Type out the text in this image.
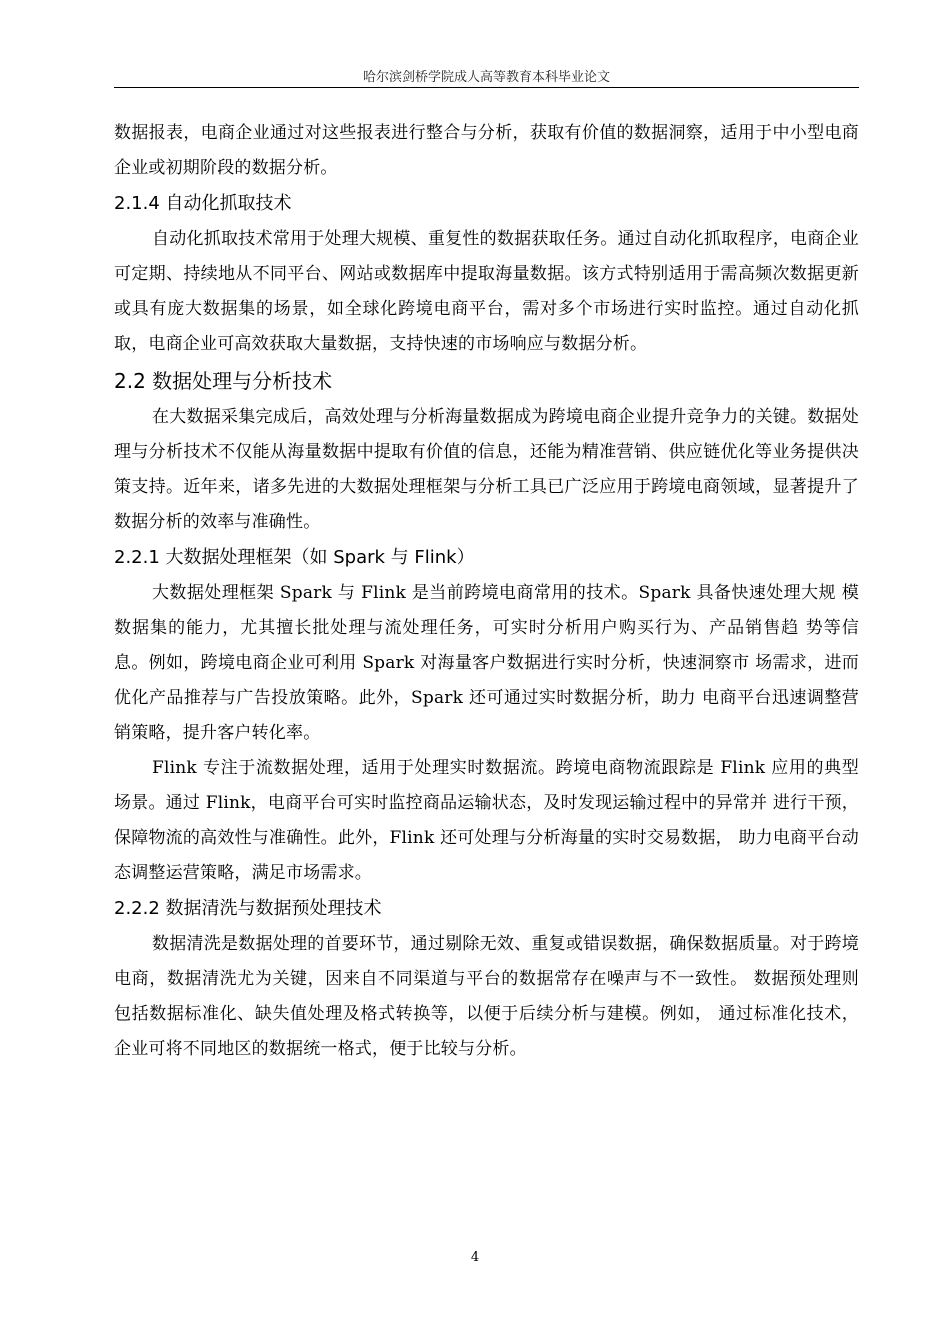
哈尔滨剑桥学院成人高等教育本科毕业论文

数据报表，电商企业通过对这些报表进行整合与分析，获取有价值的数据洞察，适用于中小型电商企业或初期阶段的数据分析。

2.1.4 自动化抓取技术

自动化抓取技术常用于处理大规模、重复性的数据获取任务。通过自动化抓取程序，电商企业可定期、持续地从不同平台、网站或数据库中提取海量数据。该方式特别适用于需高频次数据更新或具有庞大数据集的场景，如全球化跨境电商平台，需对多个市场进行实时监控。通过自动化抓取，电商企业可高效获取大量数据，支持快速的市场响应与数据分析。

2.2 数据处理与分析技术

在大数据采集完成后，高效处理与分析海量数据成为跨境电商企业提升竞争力的关键。数据处理与分析技术不仅能从海量数据中提取有价值的信息，还能为精准营销、供应链优化等业务提供决策支持。近年来，诸多先进的大数据处理框架与分析工具已广泛应用于跨境电商领域，显著提升了数据分析的效率与准确性。

2.2.1 大数据处理框架（如 Spark 与 Flink）

大数据处理框架 Spark 与 Flink 是当前跨境电商常用的技术。Spark 具备快速处理大规 模数据集的能力，尤其擅长批处理与流处理任务，可实时分析用户购买行为、产品销售趋 势等信息。例如，跨境电商企业可利用 Spark 对海量客户数据进行实时分析，快速洞察市 场需求，进而优化产品推荐与广告投放策略。此外，Spark 还可通过实时数据分析，助力 电商平台迅速调整营销策略，提升客户转化率。

Flink 专注于流数据处理，适用于处理实时数据流。跨境电商物流跟踪是 Flink 应用的典型场景。通过 Flink，电商平台可实时监控商品运输状态，及时发现运输过程中的异常并 进行干预，保障物流的高效性与准确性。此外，Flink 还可处理与分析海量的实时交易数据， 助力电商平台动态调整运营策略，满足市场需求。

2.2.2 数据清洗与数据预处理技术

数据清洗是数据处理的首要环节，通过剔除无效、重复或错误数据，确保数据质量。对于跨境电商，数据清洗尤为关键，因来自不同渠道与平台的数据常存在噪声与不一致性。 数据预处理则包括数据标准化、缺失值处理及格式转换等，以便于后续分析与建模。例如， 通过标准化技术，企业可将不同地区的数据统一格式，便于比较与分析。

4
